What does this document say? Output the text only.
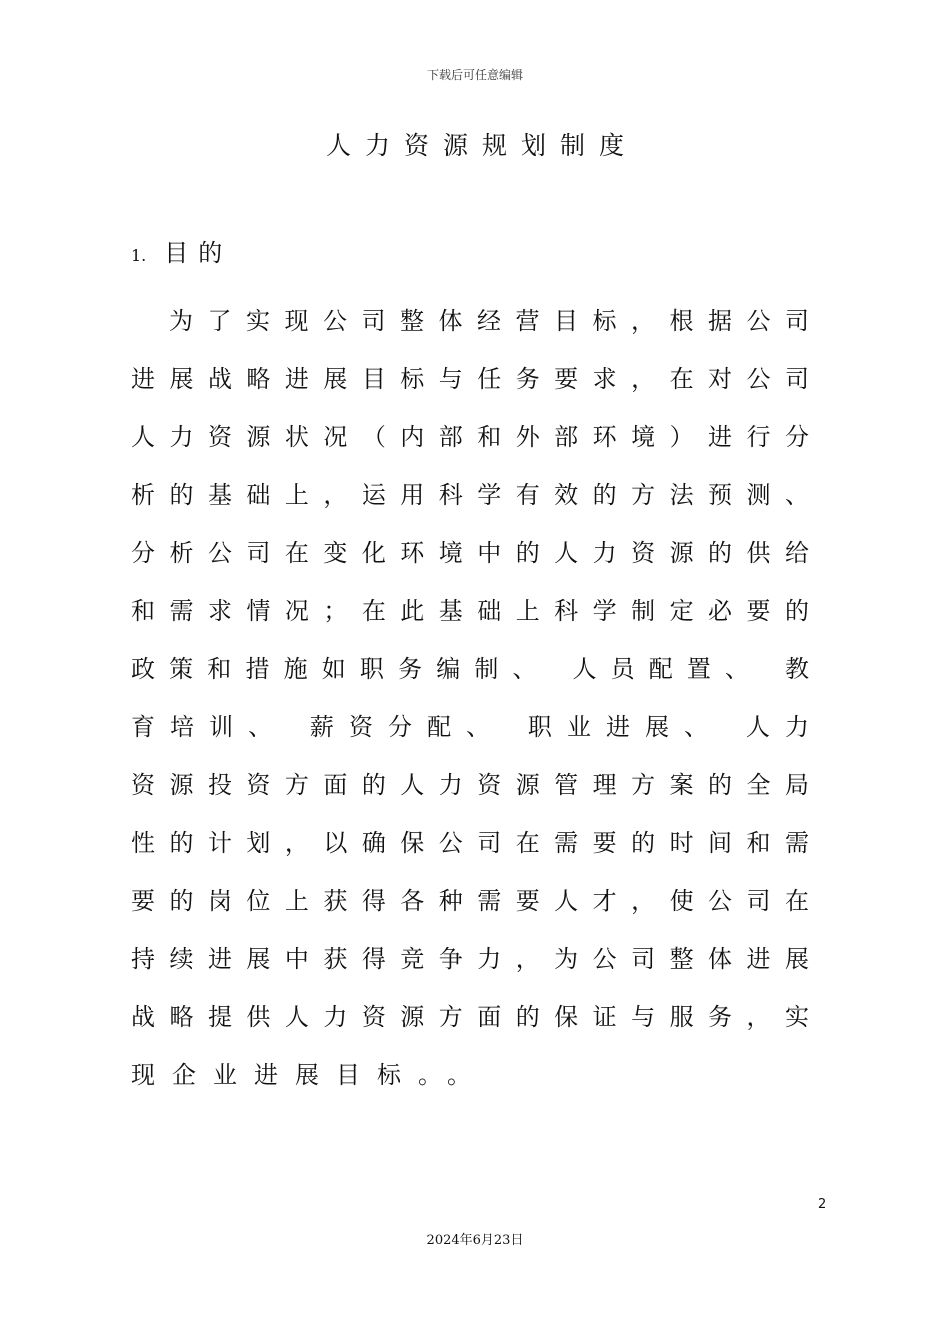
下载后可任意编辑
人力资源规划制度
1. 目的
为了实现公司整体经营目标，根据公司
进展战略进展目标与任务要求，在对公司
人力资源状况（内部和外部环境）进行分
析的基础上，运用科学有效的方法预测、
分析公司在变化环境中的人力资源的供给
和需求情况；在此基础上科学制定必要的
政策和措施如职务编制、 人员配置、 教
育培训、 薪资分配、 职业进展、 人力
资源投资方面的人力资源管理方案的全局
性的计划，以确保公司在需要的时间和需
要的岗位上获得各种需要人才，使公司在
持续进展中获得竞争力，为公司整体进展
战略提供人力资源方面的保证与服务，实
现企业进展目标。。
2
2024年6月23日
